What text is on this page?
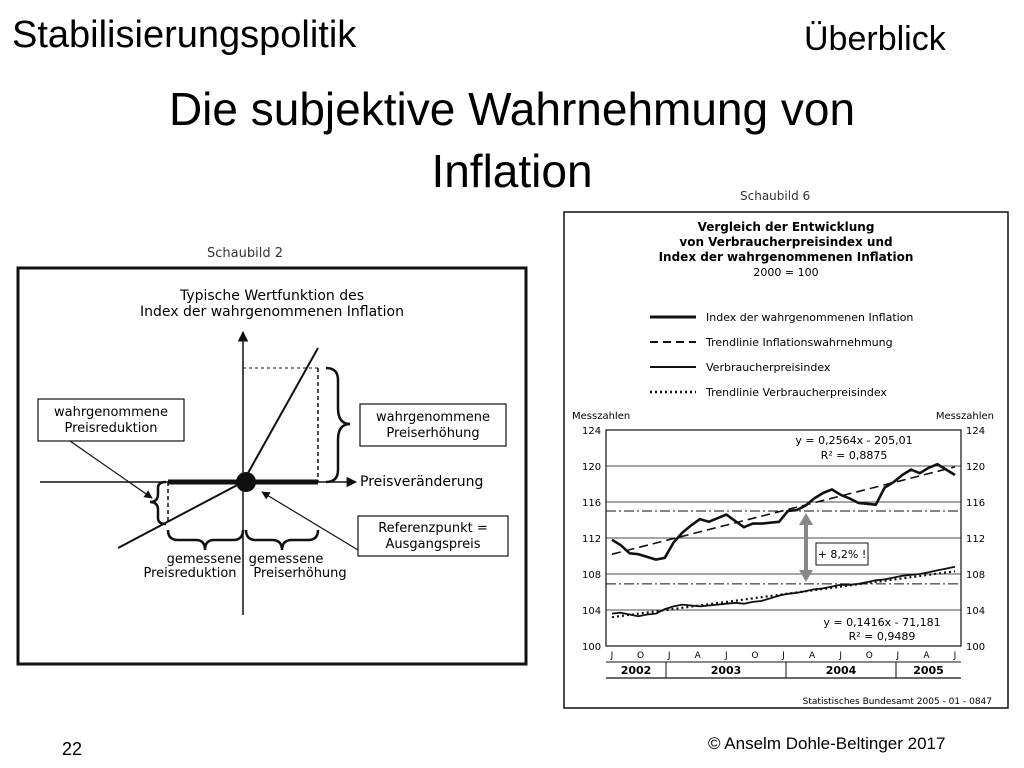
Stabilisierungspolitik	Überblick
Die subjektive Wahrnehmung von
Inflation
Schaubild 2
Typische Wertfunktion des
Index der wahrgenommenen Inflation
Preisveränderung
wahrgenommene
Preisreduktion
wahrgenommene
Preiserhöhung
Referenzpunkt =
Ausgangspreis
gemessene
Preisreduktion
gemessene
Preiserhöhung
Schaubild 6
Vergleich der Entwicklung
von Verbraucherpreisindex und
Index der wahrgenommenen Inflation
2000 = 100
Index der wahrgenommenen Inflation
Trendlinie Inflationswahrnehmung
Verbraucherpreisindex
Trendlinie Verbraucherpreisindex
Messzahlen	Messzahlen
124	124
120	120
116	116
112	112
108	108
104	104
100	100
J	O	J	A	J	O	J	A	J	O	J	A	J
2002	2003	2004	2005
y = 0,2564x - 205,01
R² = 0,8875
y = 0,1416x - 71,181
R² = 0,9489
+ 8,2% !
Statistisches Bundesamt 2005 - 01 - 0847
22	© Anselm Dohle-Beltinger 2017
